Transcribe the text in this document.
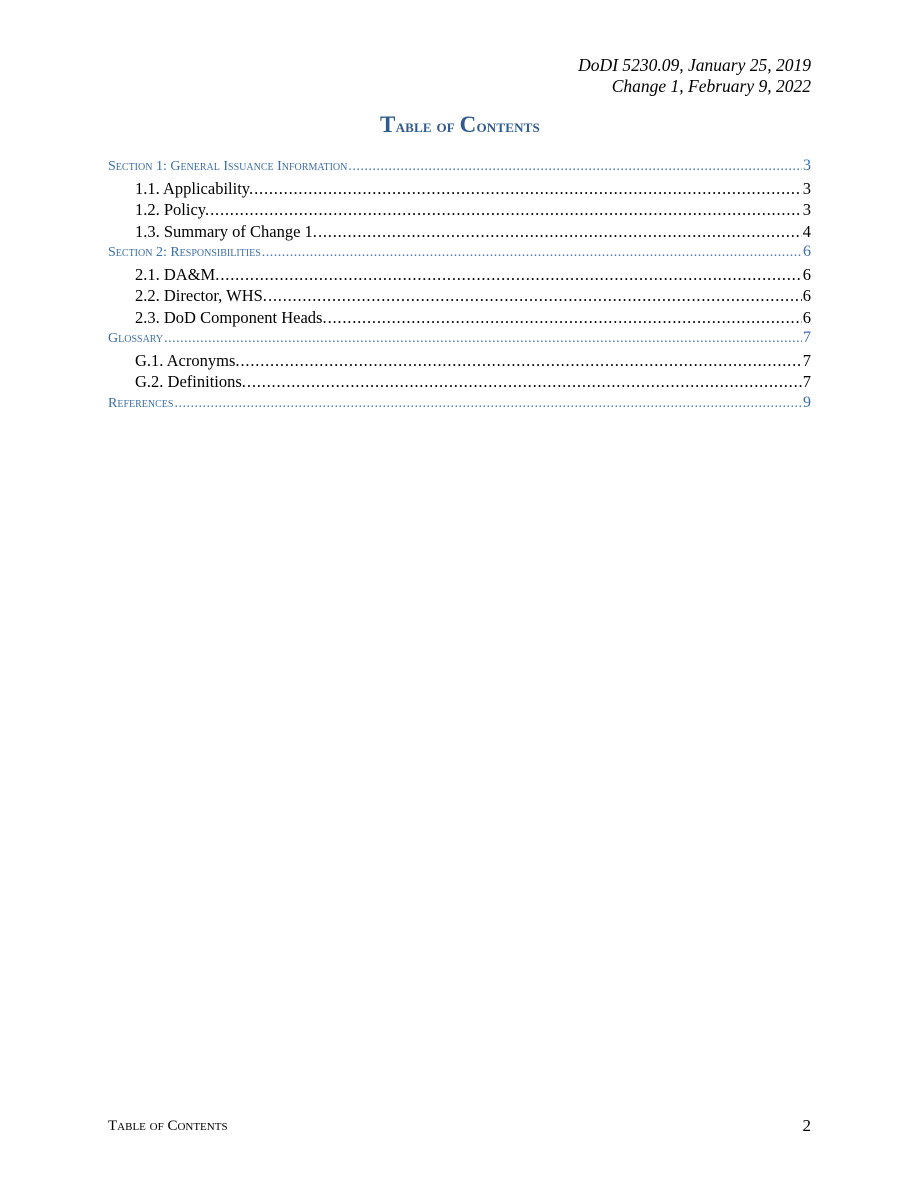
DoDI 5230.09, January 25, 2019
Change 1, February 9, 2022
Table of Contents
Section 1: General Issuance Information .....	3
1.1. Applicability. .....	3
1.2. Policy. .....	3
1.3. Summary of Change 1. .....	4
Section 2: Responsibilities .....	6
2.1. DA&M. .....	6
2.2. Director, WHS. .....	6
2.3. DoD Component Heads. .....	6
Glossary .....	7
G.1. Acronyms. .....	7
G.2. Definitions. .....	7
References .....	9
Table of Contents	2
